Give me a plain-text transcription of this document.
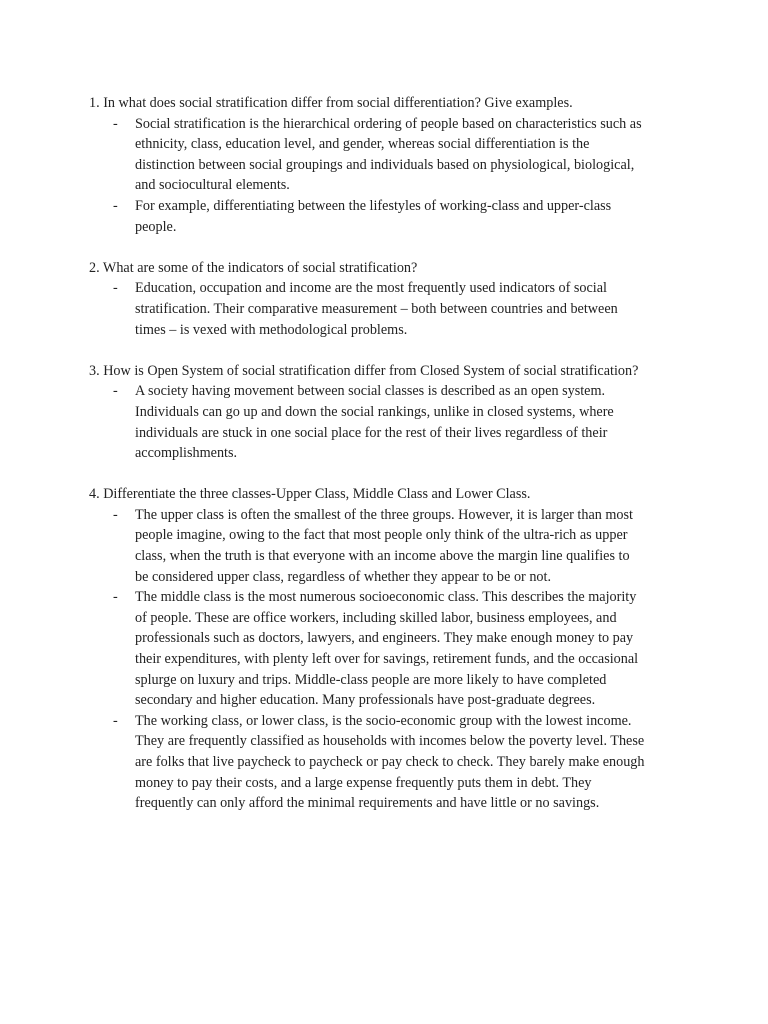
1. In what does social stratification differ from social differentiation? Give examples.

- Social stratification is the hierarchical ordering of people based on characteristics such as
ethnicity, class, education level, and gender, whereas social differentiation is the
distinction between social groupings and individuals based on physiological, biological,
and sociocultural elements.
- For example, differentiating between the lifestyles of working-class and upper-class
people.

2. What are some of the indicators of social stratification?

- Education, occupation and income are the most frequently used indicators of social
stratification. Their comparative measurement – both between countries and between
times – is vexed with methodological problems.

3. How is Open System of social stratification differ from Closed System of social stratification?

- A society having movement between social classes is described as an open system.
Individuals can go up and down the social rankings, unlike in closed systems, where
individuals are stuck in one social place for the rest of their lives regardless of their
accomplishments.

4. Differentiate the three classes-Upper Class, Middle Class and Lower Class.

- The upper class is often the smallest of the three groups. However, it is larger than most
people imagine, owing to the fact that most people only think of the ultra-rich as upper
class, when the truth is that everyone with an income above the margin line qualifies to
be considered upper class, regardless of whether they appear to be or not.
- The middle class is the most numerous socioeconomic class. This describes the majority
of people. These are office workers, including skilled labor, business employees, and
professionals such as doctors, lawyers, and engineers. They make enough money to pay
their expenditures, with plenty left over for savings, retirement funds, and the occasional
splurge on luxury and trips. Middle-class people are more likely to have completed
secondary and higher education. Many professionals have post-graduate degrees.
- The working class, or lower class, is the socio-economic group with the lowest income.
They are frequently classified as households with incomes below the poverty level. These
are folks that live paycheck to paycheck or pay check to check. They barely make enough
money to pay their costs, and a large expense frequently puts them in debt. They
frequently can only afford the minimal requirements and have little or no savings.
